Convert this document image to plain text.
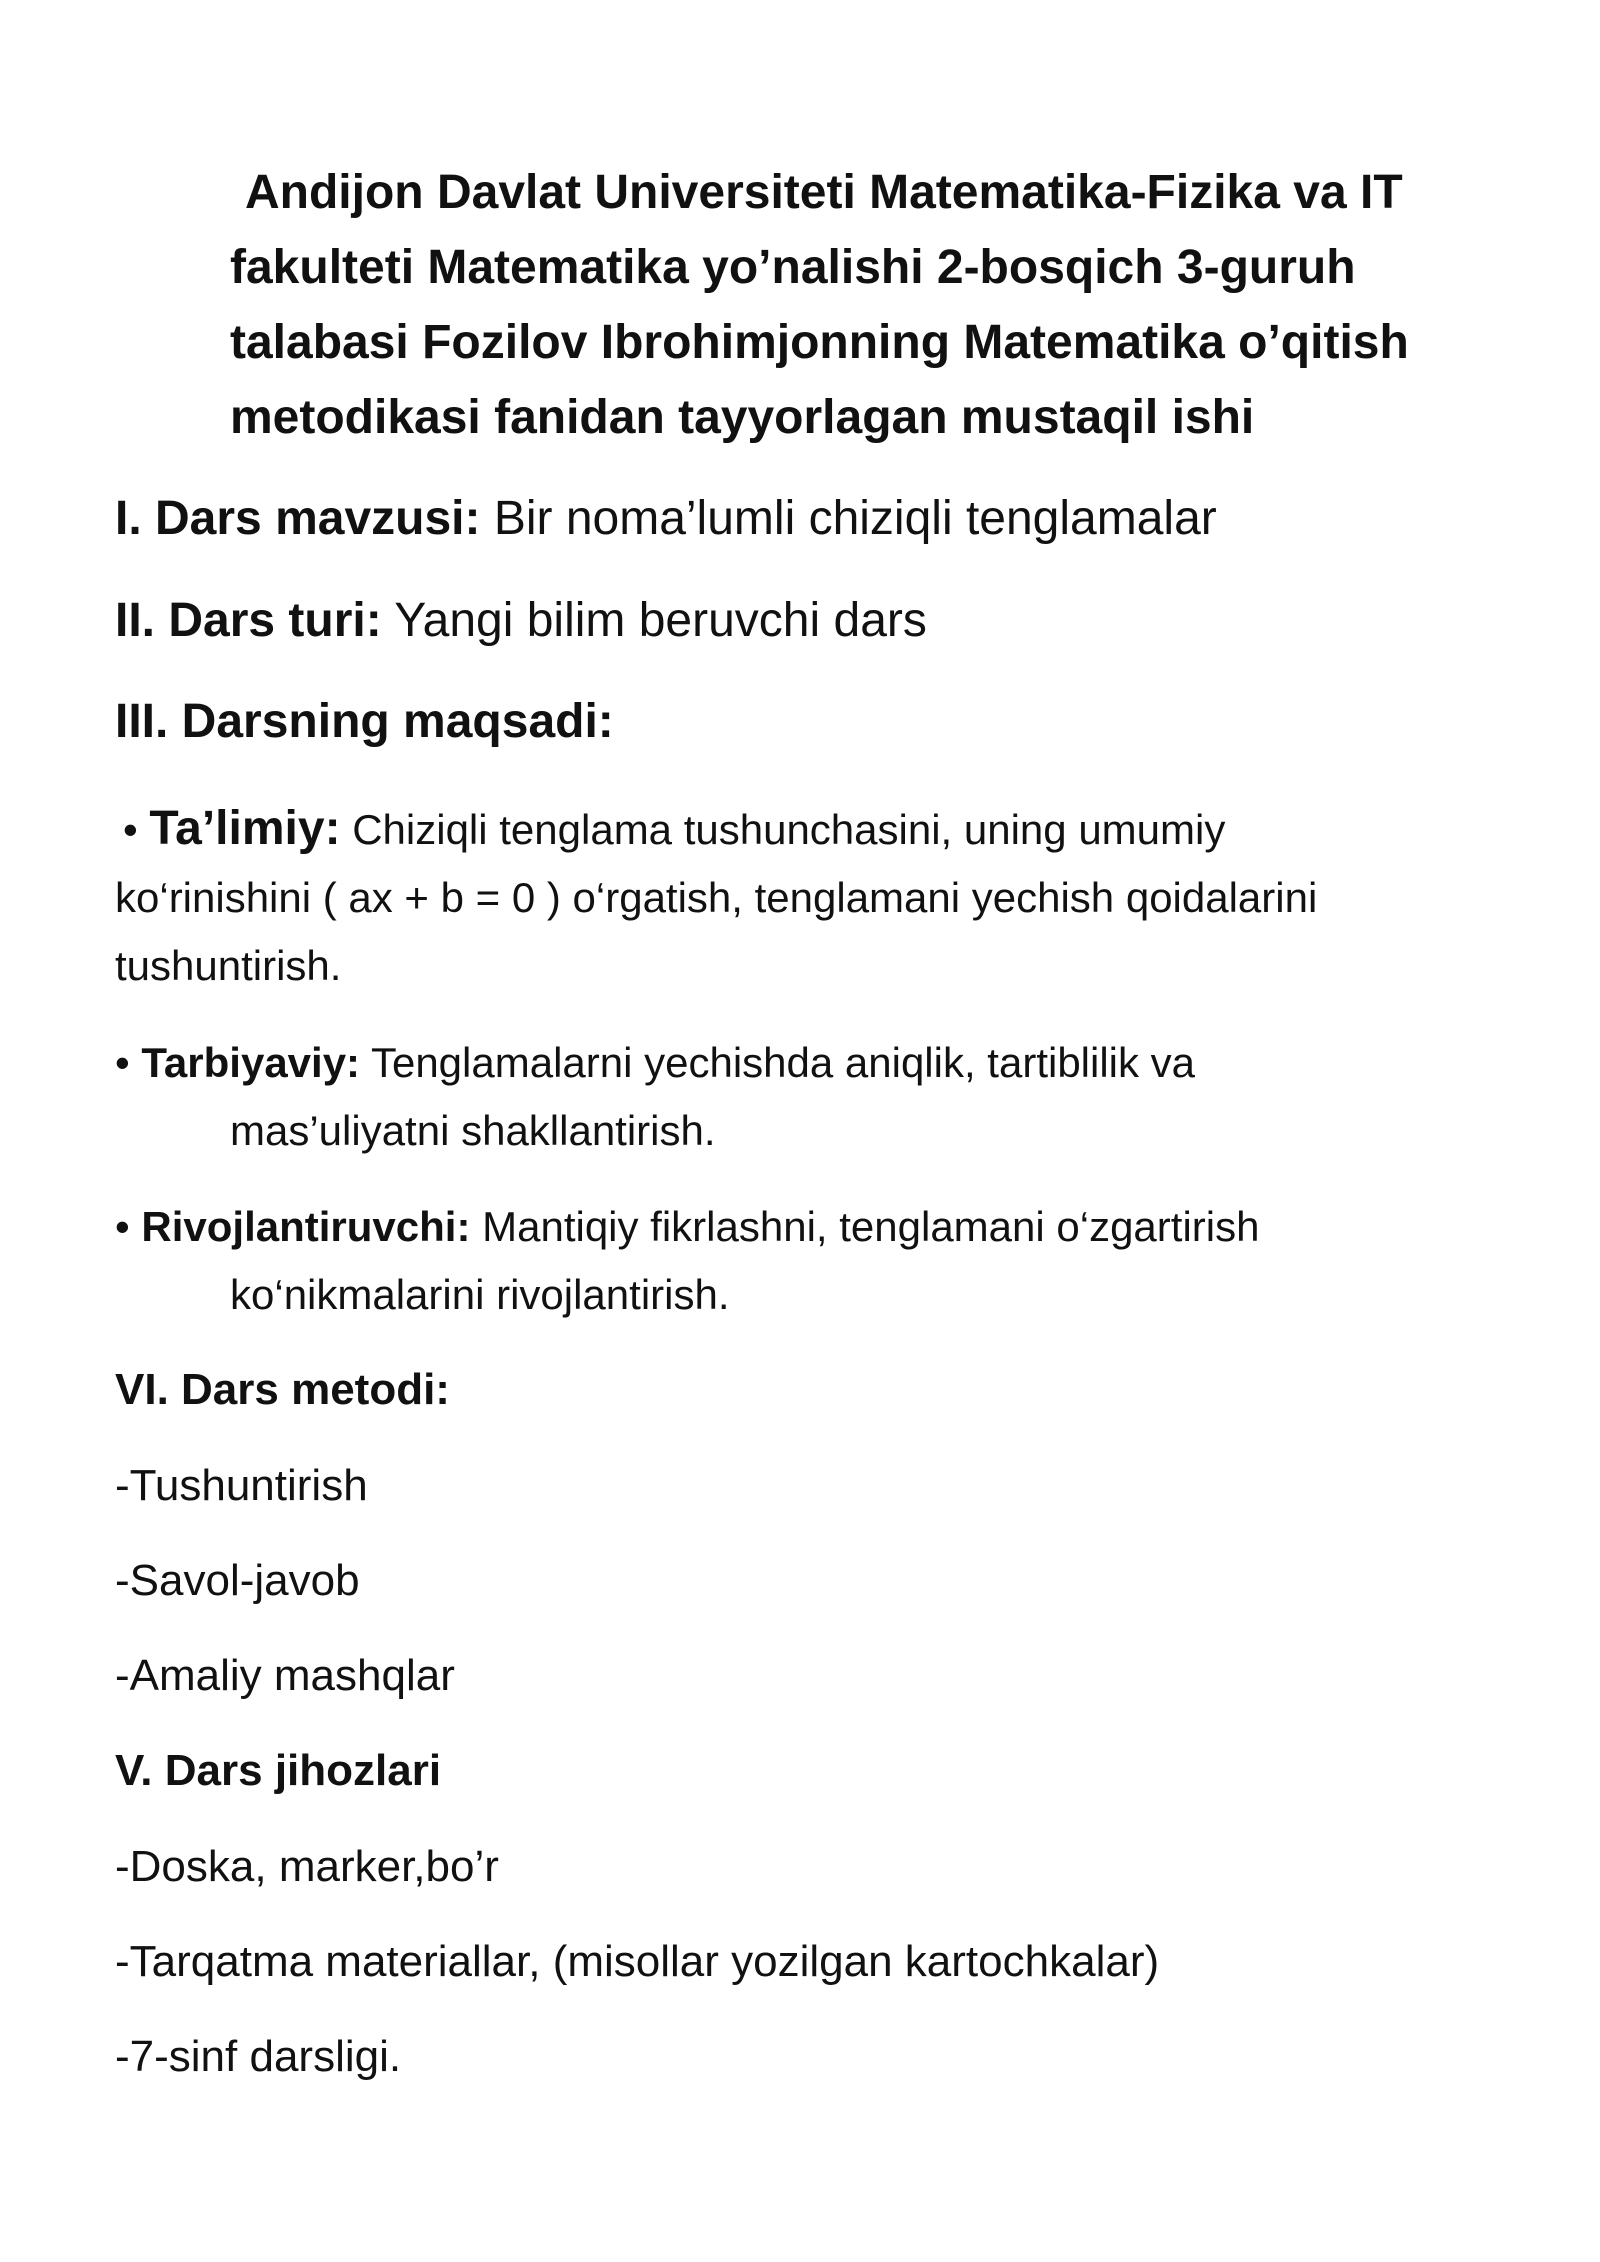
Andijon Davlat Universiteti Matematika-Fizika va IT
fakulteti Matematika yo’nalishi 2-bosqich 3-guruh
talabasi Fozilov Ibrohimjonning Matematika o’qitish
metodikasi fanidan tayyorlagan mustaqil ishi

I. Dars mavzusi: Bir noma’lumli chiziqli tenglamalar

II. Dars turi: Yangi bilim beruvchi dars

III. Darsning maqsadi:

• Ta’limiy: Chiziqli tenglama tushunchasini, uning umumiy
ko‘rinishini ( ax + b = 0 ) o‘rgatish, tenglamani yechish qoidalarini
tushuntirish.

• Tarbiyaviy: Tenglamalarni yechishda aniqlik, tartiblilik va
mas’uliyatni shakllantirish.

• Rivojlantiruvchi: Mantiqiy fikrlashni, tenglamani o‘zgartirish
ko‘nikmalarini rivojlantirish.

VI. Dars metodi:

-Tushuntirish

-Savol-javob

-Amaliy mashqlar

V. Dars jihozlari

-Doska, marker,bo’r

-Tarqatma materiallar, (misollar yozilgan kartochkalar)

-7-sinf darsligi.
